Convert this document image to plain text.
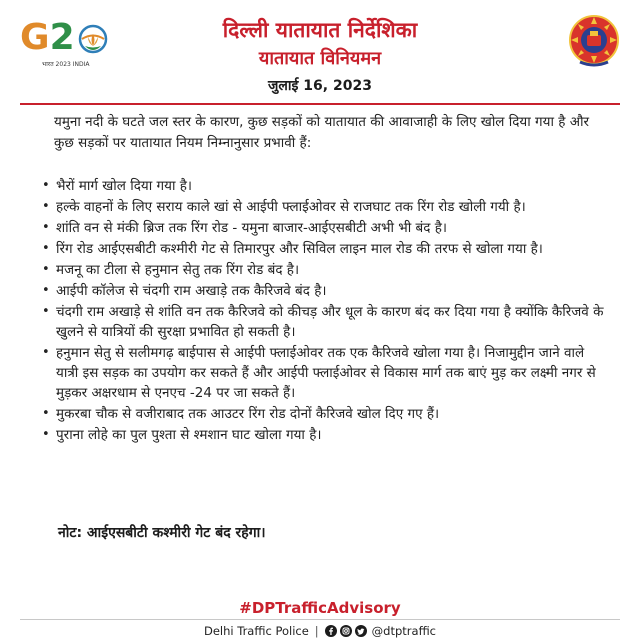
G2
भारत 2023 INDIA
दिल्ली यातायात निर्देशिका
यातायात विनियमन
जुलाई 16, 2023
यमुना नदी के घटते जल स्तर के कारण, कुछ सड़कों को यातायात की आवाजाही के लिए खोल दिया गया है और कुछ सड़कों पर यातायात नियम निम्नानुसार प्रभावी हैं:
• भैरों मार्ग खोल दिया गया है।
• हल्के वाहनों के लिए सराय काले खां से आईपी फ्लाईओवर से राजघाट तक रिंग रोड खोली गयी है।
• शांति वन से मंकी ब्रिज तक रिंग रोड - यमुना बाजार-आईएसबीटी अभी भी बंद है।
• रिंग रोड आईएसबीटी कश्मीरी गेट से तिमारपुर और सिविल लाइन माल रोड की तरफ से खोला गया है।
• मजनू का टीला से हनुमान सेतु तक रिंग रोड बंद है।
• आईपी कॉलेज से चंदगी राम अखाड़े तक कैरिजवे बंद है।
• चंदगी राम अखाड़े से शांति वन तक कैरिजवे को कीचड़ और धूल के कारण बंद कर दिया गया है क्योंकि कैरिजवे के खुलने से यात्रियों की सुरक्षा प्रभावित हो सकती है।
• हनुमान सेतु से सलीमगढ़ बाईपास से आईपी फ्लाईओवर तक एक कैरिजवे खोला गया है। निजामुद्दीन जाने वाले यात्री इस सड़क का उपयोग कर सकते हैं और आईपी फ्लाईओवर से विकास मार्ग तक बाएं मुड़ कर लक्ष्मी नगर से मुड़कर अक्षरधाम से एनएच -24 पर जा सकते हैं।
• मुकरबा चौक से वजीराबाद तक आउटर रिंग रोड दोनों कैरिजवे खोल दिए गए हैं।
• पुराना लोहे का पुल पुश्ता से श्मशान घाट खोला गया है।
नोट: आईएसबीटी कश्मीरी गेट बंद रहेगा।
#DPTrafficAdvisory
Delhi Traffic Police |	@dtptraffic
